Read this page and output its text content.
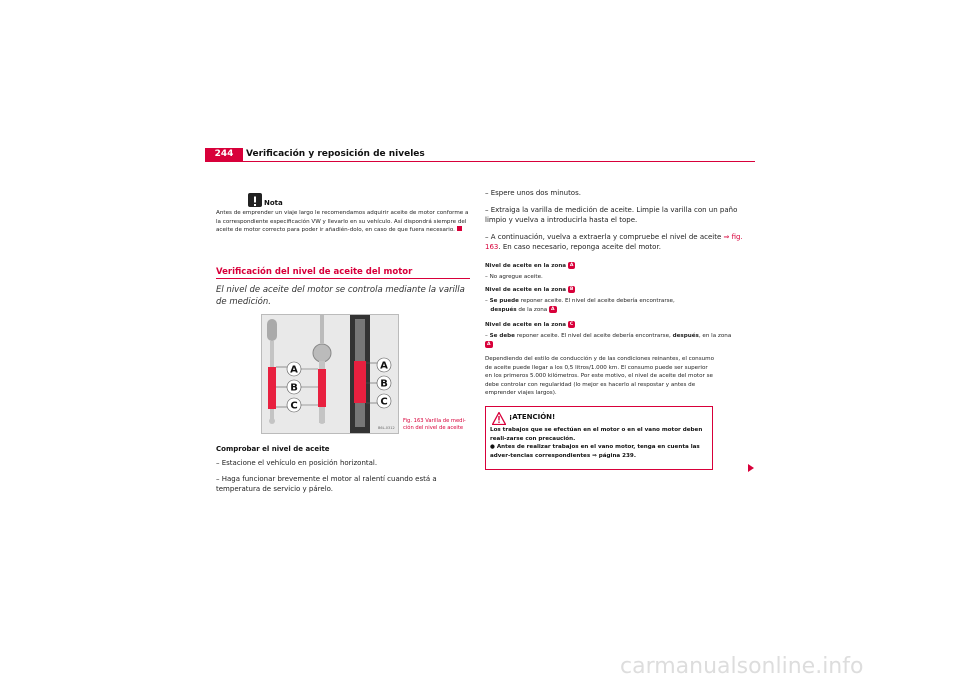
244	Verificación y reposición de niveles
Nota
Antes de emprender un viaje largo le recomendamos adquirir aceite de motor conforme a la correspondiente especificación VW y llevarlo en su vehículo. Así dispondrá siempre del aceite de motor correcto para poder ir añadién-dolo, en caso de que fuera necesario.
Verificación del nivel de aceite del motor
El nivel de aceite del motor se controla mediante la varilla de medición.
A
B
C
A
B
C
B6L-0312
Fig. 163 Varilla de medi-ción del nivel de aceite
Comprobar el nivel de aceite
– Estacione el vehículo en posición horizontal.
– Haga funcionar brevemente el motor al ralentí cuando está a temperatura de servicio y párelo.
– Espere unos dos minutos.
– Extraiga la varilla de medición de aceite. Limpie la varilla con un paño limpio y vuelva a introducirla hasta el tope.
– A continuación, vuelva a extraerla y compruebe el nivel de aceite ⇒ fig. 163. En caso necesario, reponga aceite del motor.
Nivel de aceite en la zona A
– No agregue aceite.
Nivel de aceite en la zona B
– Se puede reponer aceite. El nivel del aceite debería encontrarse,
después de la zona A
Nivel de aceite en la zona C
– Se debe reponer aceite. El nivel del aceite debería encontrarse, después, en la zona A
Dependiendo del estilo de conducción y de las condiciones reinantes, el consumo de aceite puede llegar a los 0,5 litros/1.000 km. El consumo puede ser superior en los primeros 5.000 kilómetros. Por este motivo, el nivel de aceite del motor se debe controlar con regularidad (lo mejor es hacerlo al respostar y antes de emprender viajes largos).
¡ATENCIÓN!
Los trabajos que se efectúan en el motor o en el vano motor deben reali-zarse con precaución.
● Antes de realizar trabajos en el vano motor, tenga en cuenta las adver-tencias correspondientes ⇒ página 239.
carmanualsonline.info
